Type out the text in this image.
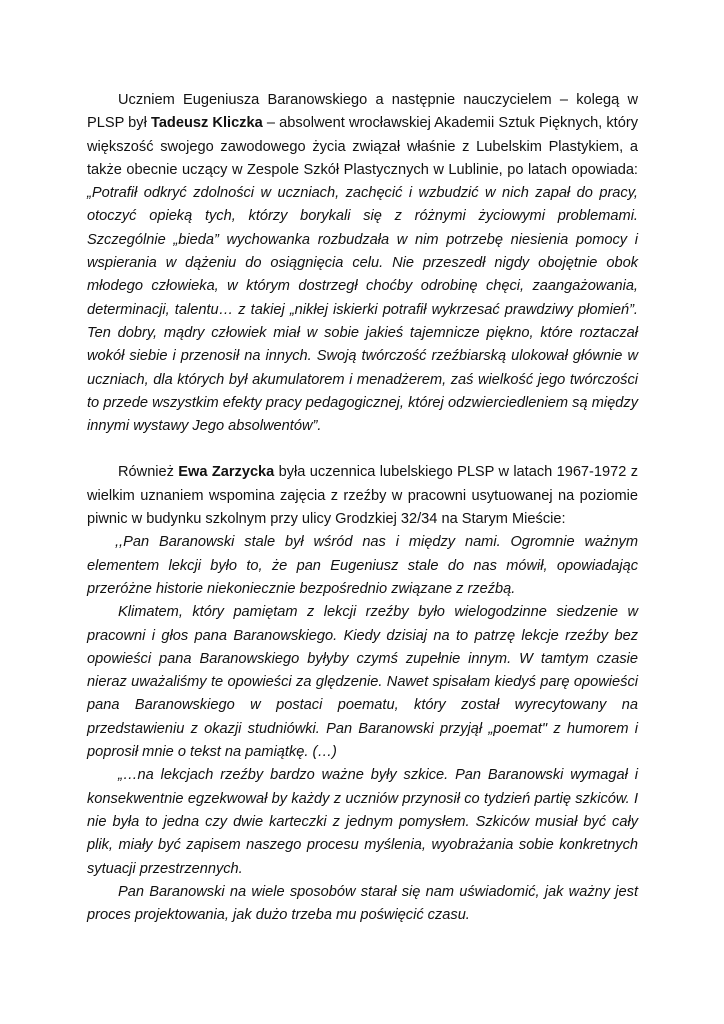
Uczniem Eugeniusza Baranowskiego a następnie nauczycielem – kolegą w PLSP był Tadeusz Kliczka – absolwent wrocławskiej Akademii Sztuk Pięknych, który większość swojego zawodowego życia związał właśnie z Lubelskim Plastykiem, a także obecnie uczący w Zespole Szkół Plastycznych w Lublinie, po latach opowiada: „Potrafił odkryć zdolności w uczniach, zachęcić i wzbudzić w nich zapał do pracy, otoczyć opieką tych, którzy borykali się z różnymi życiowymi problemami. Szczególnie „bieda” wychowanka rozbudzała w nim potrzebę niesienia pomocy i wspierania w dążeniu do osiągnięcia celu. Nie przeszedł nigdy obojętnie obok młodego człowieka, w którym dostrzegł choćby odrobinę chęci, zaangażowania, determinacji, talentu… z takiej „nikłej iskierki potrafił wykrzesać prawdziwy płomień”. Ten dobry, mądry człowiek miał w sobie jakieś tajemnicze piękno, które roztaczał wokół siebie i przenosił na innych. Swoją twórczość rzeźbiarską ulokował głównie w uczniach, dla których był akumulatorem i menadżerem, zaś wielkość jego twórczości to przede wszystkim efekty pracy pedagogicznej, której odzwierciedleniem są między innymi wystawy Jego absolwentów”.

Również Ewa Zarzycka była uczennica lubelskiego PLSP w latach 1967-1972 z wielkim uznaniem wspomina zajęcia z rzeźby w pracowni usytuowanej na poziomie piwnic w budynku szkolnym przy ulicy Grodzkiej 32/34 na Starym Mieście:

,,Pan Baranowski stale był wśród nas i między nami. Ogromnie ważnym elementem lekcji było to, że pan Eugeniusz stale do nas mówił, opowiadając przeróżne historie niekoniecznie bezpośrednio związane z rzeźbą.

Klimatem, który pamiętam z lekcji rzeźby było wielogodzinne siedzenie w pracowni i głos pana Baranowskiego. Kiedy dzisiaj na to patrzę lekcje rzeźby bez opowieści pana Baranowskiego byłyby czymś zupełnie innym. W tamtym czasie nieraz uważaliśmy te opowieści za ględzenie. Nawet spisałam kiedyś parę opowieści pana Baranowskiego w postaci poematu, który został wyrecytowany na przedstawieniu z okazji studniówki. Pan Baranowski przyjął „poemat" z humorem i poprosił mnie o tekst na pamiątkę. (…)

„…na lekcjach rzeźby bardzo ważne były szkice. Pan Baranowski wymagał i konsekwentnie egzekwował by każdy z uczniów przynosił co tydzień partię szkiców. I nie była to jedna czy dwie karteczki z jednym pomysłem. Szkiców musiał być cały plik, miały być zapisem naszego procesu myślenia, wyobrażania sobie konkretnych sytuacji przestrzennych.

Pan Baranowski na wiele sposobów starał się nam uświadomić, jak ważny jest proces projektowania, jak dużo trzeba mu poświęcić czasu.
